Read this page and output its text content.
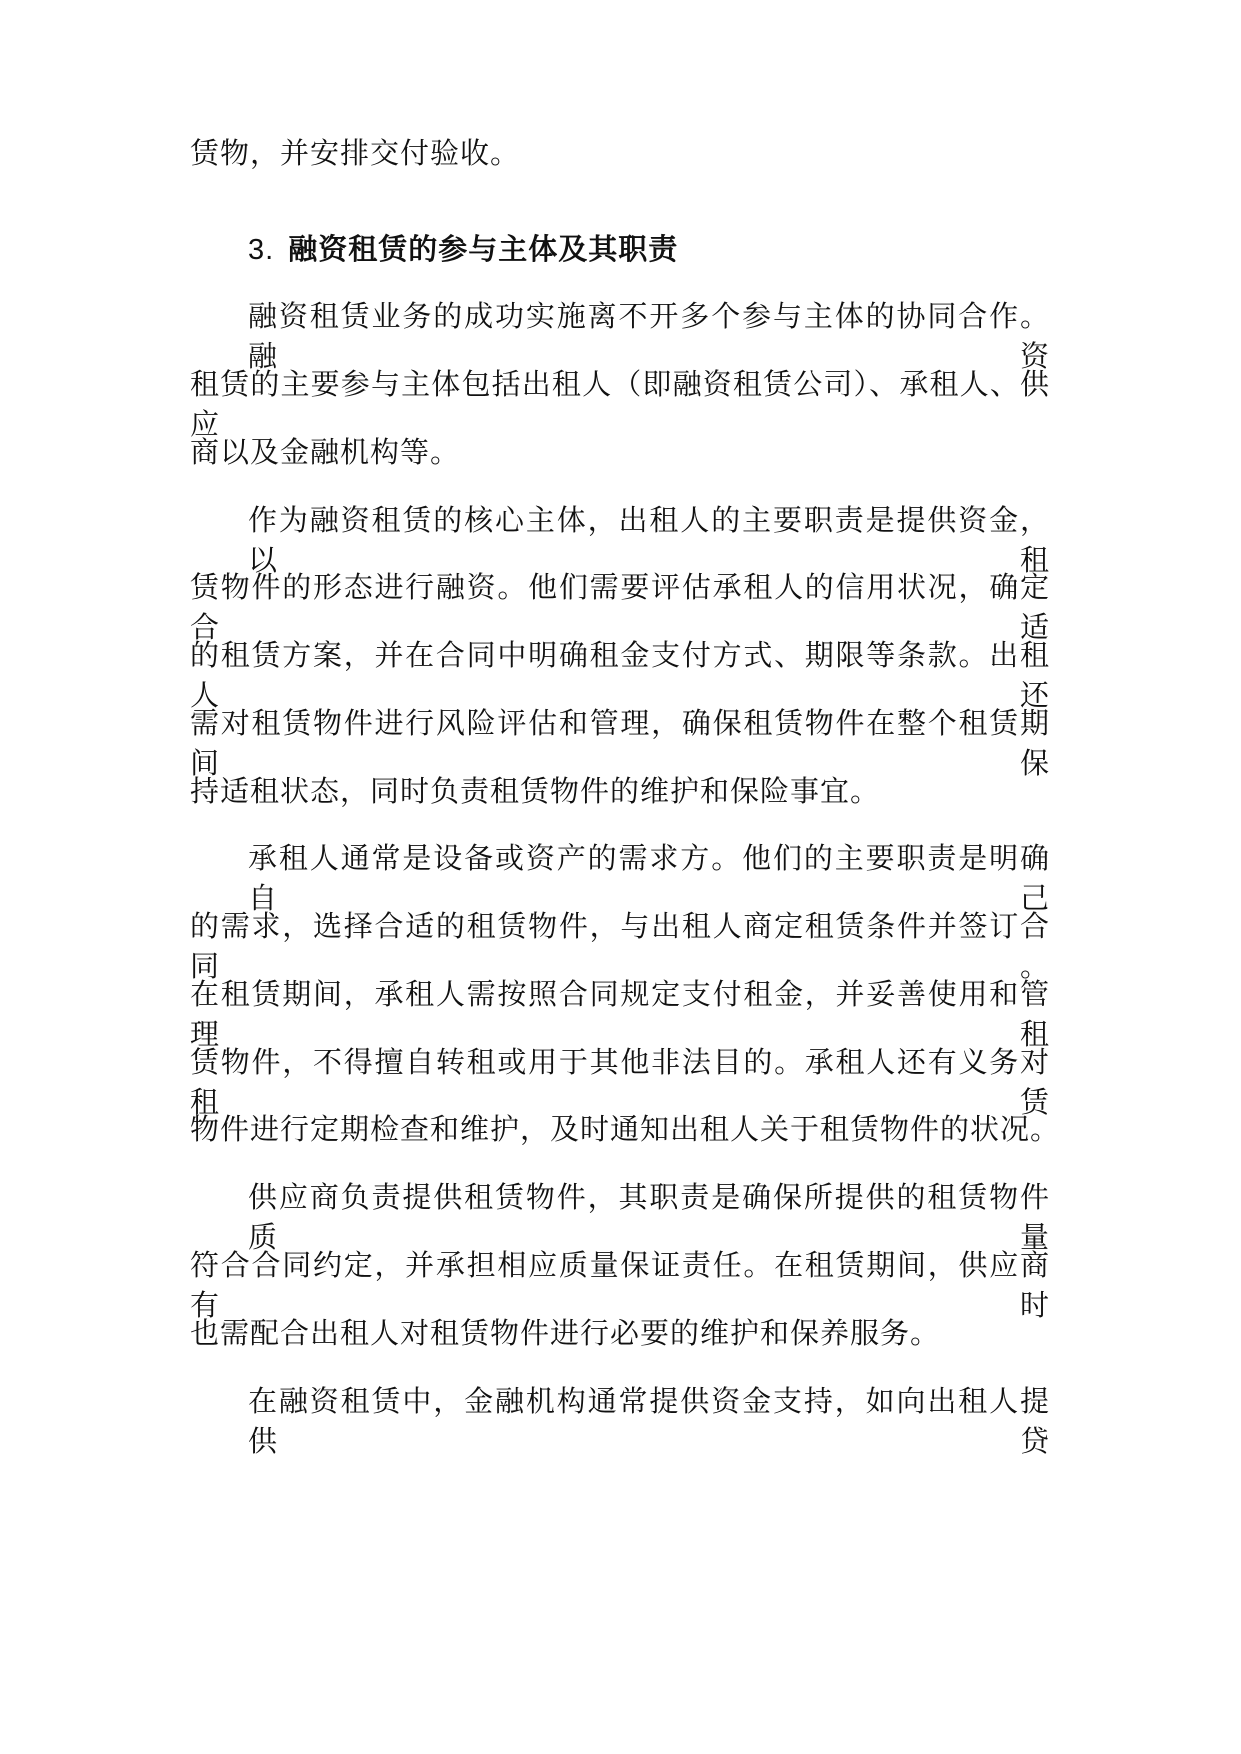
赁物，并安排交付验收。

3. 融资租赁的参与主体及其职责

融资租赁业务的成功实施离不开多个参与主体的协同合作。融资

租赁的主要参与主体包括出租人（即融资租赁公司）、承租人、供应

商以及金融机构等。

作为融资租赁的核心主体，出租人的主要职责是提供资金，以租

赁物件的形态进行融资。他们需要评估承租人的信用状况，确定合适

的租赁方案，并在合同中明确租金支付方式、期限等条款。出租人还

需对租赁物件进行风险评估和管理，确保租赁物件在整个租赁期间保

持适租状态，同时负责租赁物件的维护和保险事宜。

承租人通常是设备或资产的需求方。他们的主要职责是明确自己

的需求，选择合适的租赁物件，与出租人商定租赁条件并签订合同。

在租赁期间，承租人需按照合同规定支付租金，并妥善使用和管理租

赁物件，不得擅自转租或用于其他非法目的。承租人还有义务对租赁

物件进行定期检查和维护，及时通知出租人关于租赁物件的状况。

供应商负责提供租赁物件，其职责是确保所提供的租赁物件质量

符合合同约定，并承担相应质量保证责任。在租赁期间，供应商有时

也需配合出租人对租赁物件进行必要的维护和保养服务。

在融资租赁中，金融机构通常提供资金支持，如向出租人提供贷
